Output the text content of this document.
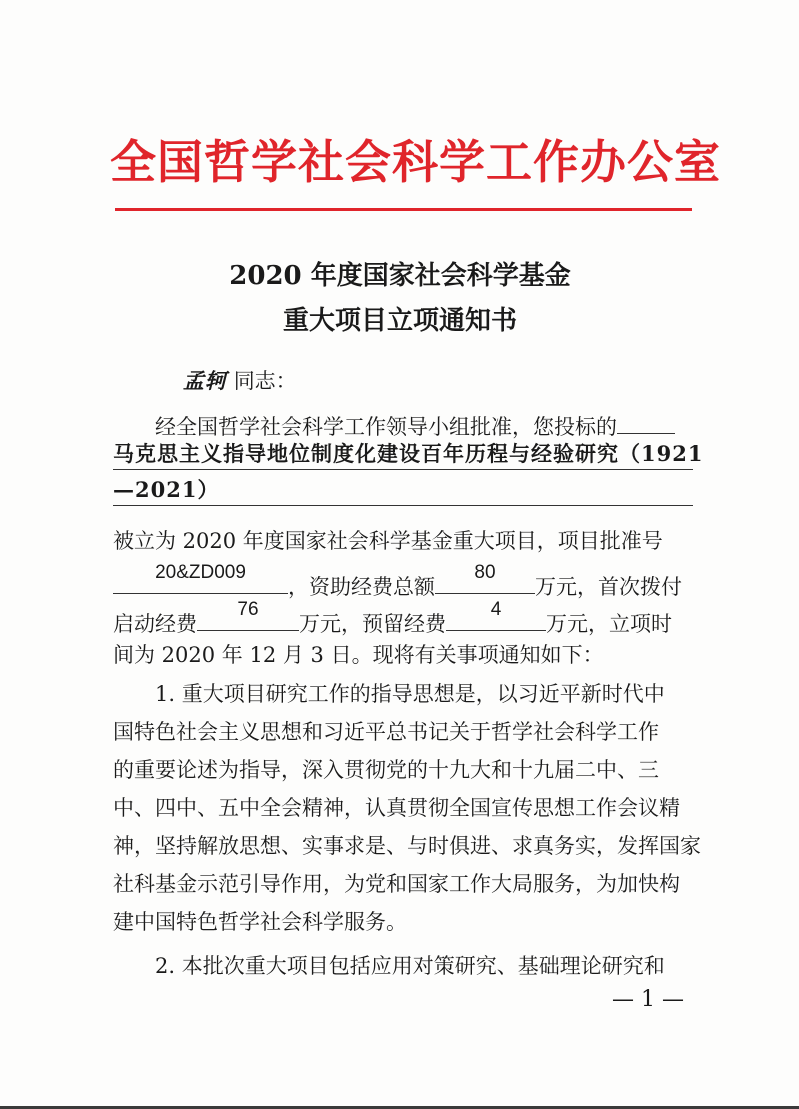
全国哲学社会科学工作办公室
2020 年度国家社会科学基金
重大项目立项通知书
孟轲 同志：
经全国哲学社会科学工作领导小组批准，您投标的
马克思主义指导地位制度化建设百年历程与经验研究（1921
—2021）
被立为 2020 年度国家社会科学基金重大项目，项目批准号
20&ZD009
，资助经费总额
80
万元，首次拨付
启动经费
76
万元，预留经费
4
万元，立项时
间为 2020 年 12 月 3 日。现将有关事项通知如下：
1. 重大项目研究工作的指导思想是，以习近平新时代中
国特色社会主义思想和习近平总书记关于哲学社会科学工作
的重要论述为指导，深入贯彻党的十九大和十九届二中、三
中、四中、五中全会精神，认真贯彻全国宣传思想工作会议精
神，坚持解放思想、实事求是、与时俱进、求真务实，发挥国家
社科基金示范引导作用，为党和国家工作大局服务，为加快构
建中国特色哲学社会科学服务。
2. 本批次重大项目包括应用对策研究、基础理论研究和
— 1 —
